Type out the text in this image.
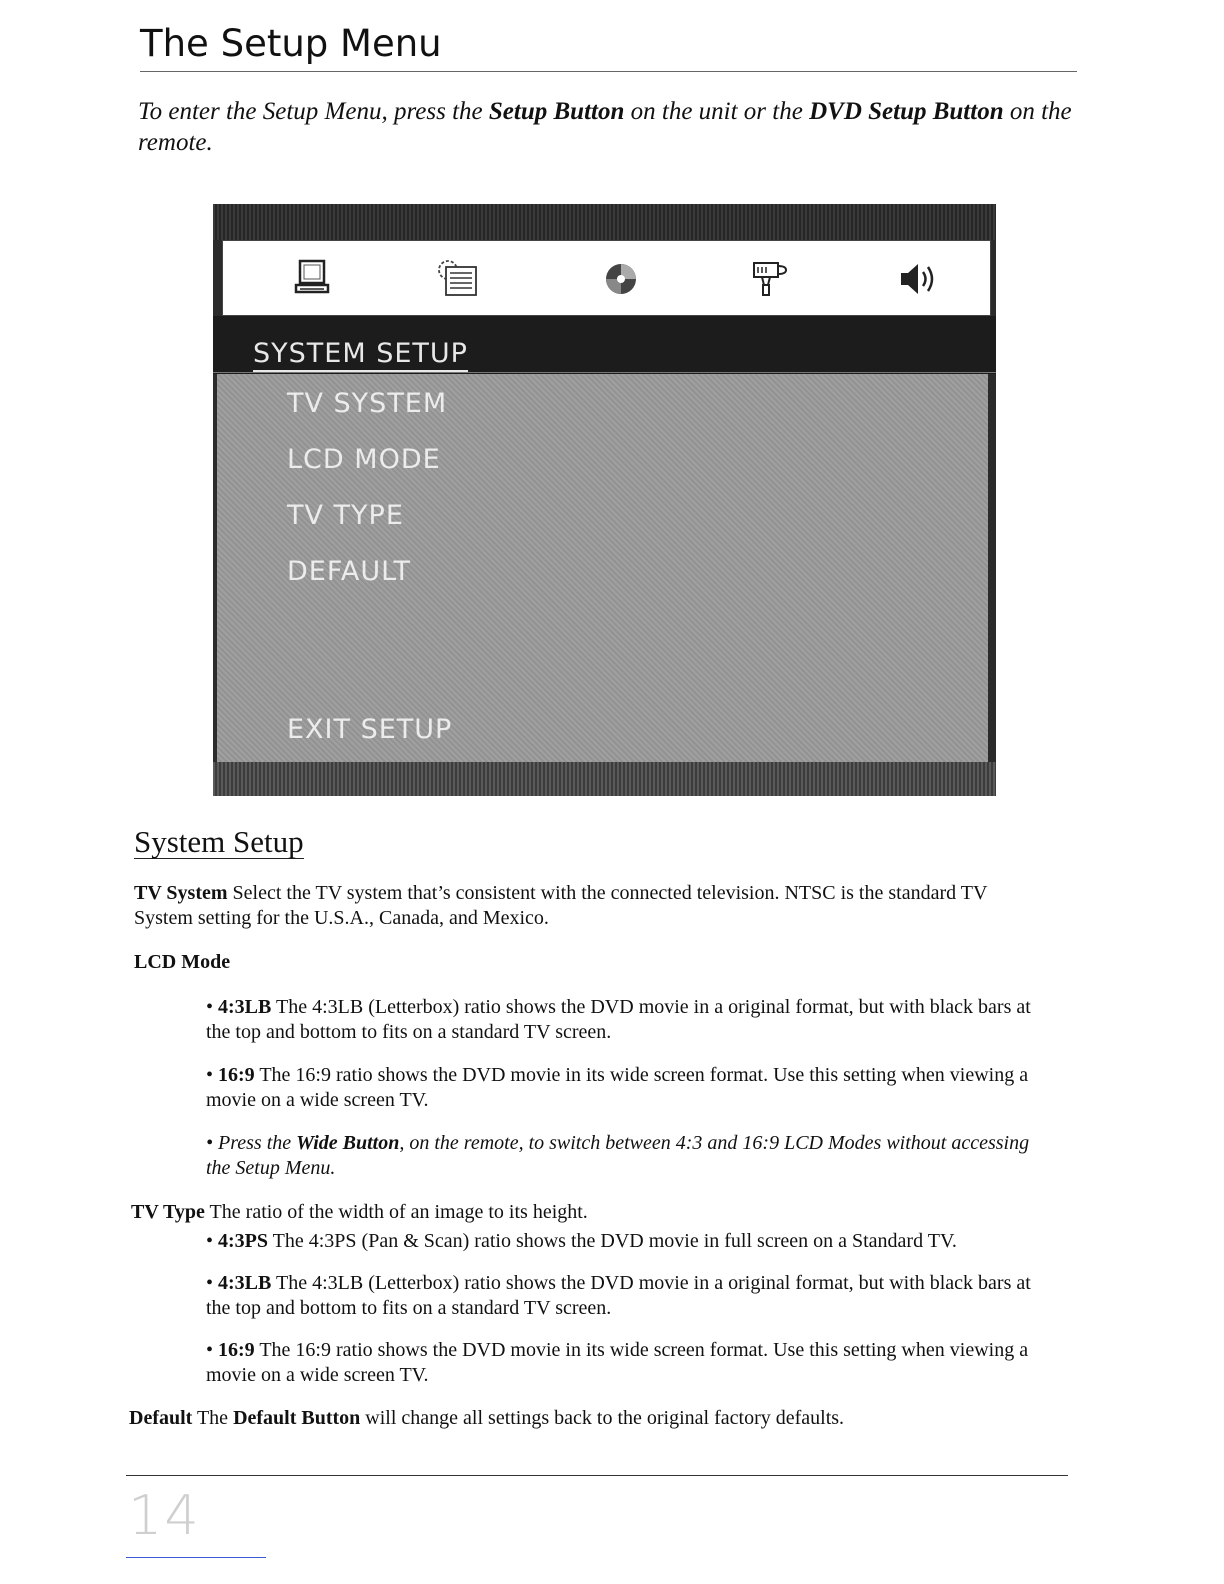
The Setup Menu

To enter the Setup Menu, press the Setup Button on the unit or the DVD Setup Button on the remote.

SYSTEM SETUP
TV SYSTEM
LCD MODE
TV TYPE
DEFAULT
EXIT SETUP
System Setup

TV System Select the TV system that’s consistent with the connected television. NTSC is the standard TV System setting for the U.S.A., Canada, and Mexico.

LCD Mode

• 4:3LB The 4:3LB (Letterbox) ratio shows the DVD movie in a original format, but with black bars at the top and bottom to fits on a standard TV screen.

• 16:9 The 16:9 ratio shows the DVD movie in its wide screen format. Use this setting when viewing a movie on a wide screen TV.

• Press the Wide Button, on the remote, to switch between 4:3 and 16:9 LCD Modes without accessing the Setup Menu.

TV Type The ratio of the width of an image to its height.

• 4:3PS The 4:3PS (Pan & Scan) ratio shows the DVD movie in full screen on a Standard TV.

• 4:3LB The 4:3LB (Letterbox) ratio shows the DVD movie in a original format, but with black bars at the top and bottom to fits on a standard TV screen.

• 16:9 The 16:9 ratio shows the DVD movie in its wide screen format. Use this setting when viewing a movie on a wide screen TV.

Default The Default Button will change all settings back to the original factory defaults.

14
